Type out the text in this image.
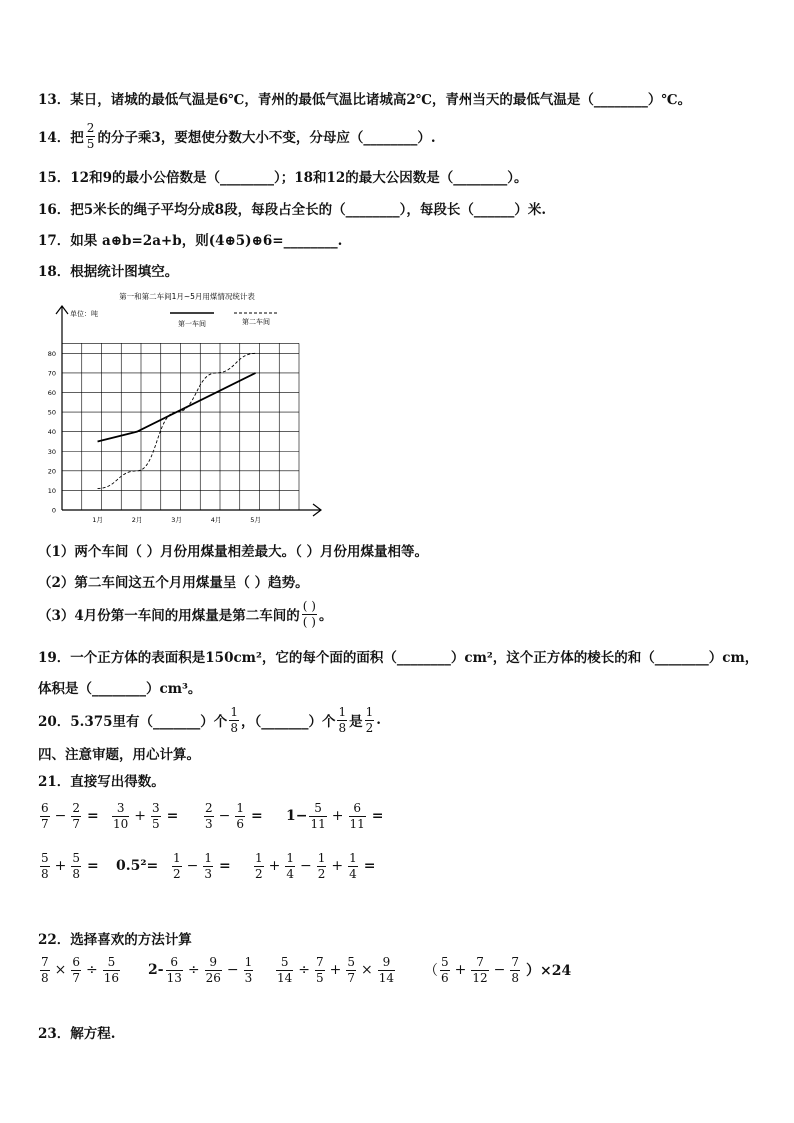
13．某日，诸城的最低气温是6℃，青州的最低气温比诸城高2℃，青州当天的最低气温是（________）℃。
14．把
2
5 的分子乘3，要想使分数大小不变，分母应（________）.
15．12和9的最小公倍数是（________）；18和12的最大公因数是（________）。
16．把5米长的绳子平均分成8段，每段占全长的（________），每段长（______）米.
17．如果 a⊕b=2a+b，则(4⊕5)⊕6=________.
18．根据统计图填空。
第一和第二车间1月~5月用煤情况统计表
单位：吨
第一车间	第二车间
0
10
20
30
40
50
60
70
80
1月	2月	3月	4月	5月
（1）两个车间（ ）月份用煤量相差最大。（ ）月份用煤量相等。
（2）第二车间这五个月用煤量呈（ ）趋势。
（3）4月份第一车间的用煤量是第二车间的
( )
( ) 。
19．一个正方体的表面积是150cm²，它的每个面的面积（________）cm²，这个正方体的棱长的和（________）cm，
体积是（________）cm³。
20．5.375里有（_______）个
1
8 ，（_______）个
1
8 是
1
2 .
四、注意审题，用心计算。
21．直接写出得数。
6
$7 - \frac{2}{7}$ =
3
$10 + \frac{3}{5}$ =
2
$3 - \frac{1}{6} = 1- \frac{5}{11} + \frac{6}{11}$ =
5
$8 + \frac{5}{8} = 0.5^2=$
1
$2 - \frac{1}{3}$ =
1
$2 + \frac{1}{4} - \frac{1}{2} + \frac{1}{4}$ =
22．选择喜欢的方法计算
$\frac{7}{8} \times \frac{6}{7} \div \frac{5}{16} 2- \frac{6}{13} \div \frac{9}{26} - \frac{1}{3} \frac{5}{14} \div \frac{7}{5} + \frac{5}{7} \times \frac{9}{14}$ （
5
$6 + \frac{7}{12} - \frac{7}{8} )\times 24$
23．解方程.
